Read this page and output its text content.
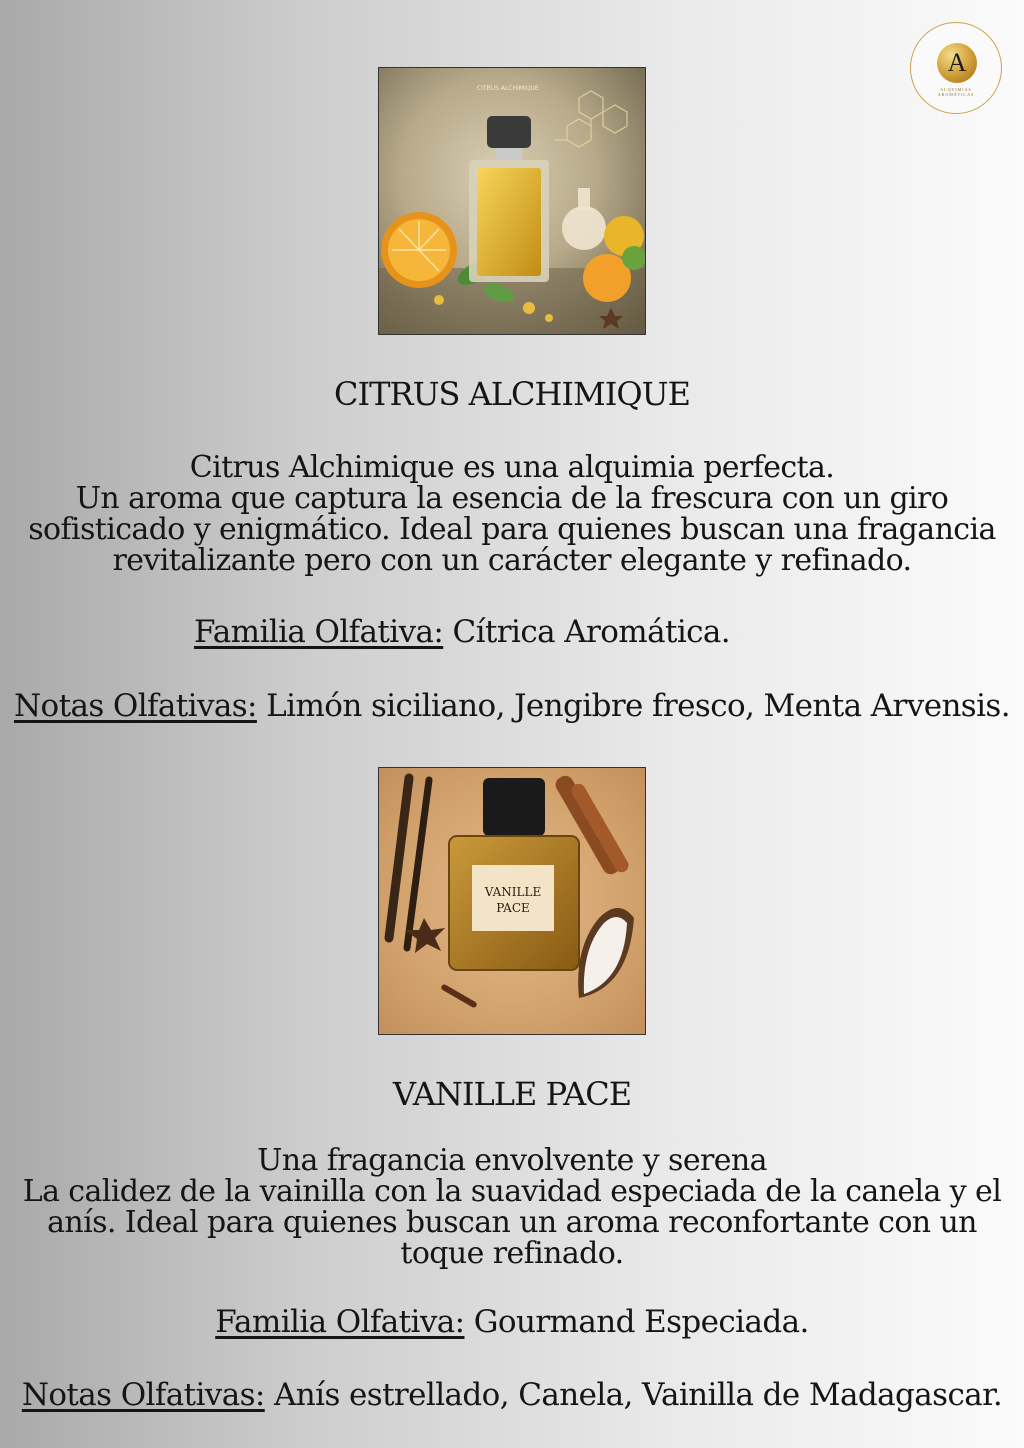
A
ALQUIMIAS
AROMÁTICAS
CITRUS ALCHIMIQUE
CITRUS ALCHIMIQUE
Citrus Alchimique es una alquimia perfecta.
Un aroma que captura la esencia de la frescura con un giro
sofisticado y enigmático. Ideal para quienes buscan una fragancia
revitalizante pero con un carácter elegante y refinado.
Familia Olfativa: Cítrica Aromática.
Notas Olfativas: Limón siciliano, Jengibre fresco, Menta Arvensis.
VANILLE
PACE
VANILLE PACE
Una fragancia envolvente y serena
La calidez de la vainilla con la suavidad especiada de la canela y el
anís. Ideal para quienes buscan un aroma reconfortante con un
toque refinado.
Familia Olfativa: Gourmand Especiada.
Notas Olfativas: Anís estrellado, Canela, Vainilla de Madagascar.
